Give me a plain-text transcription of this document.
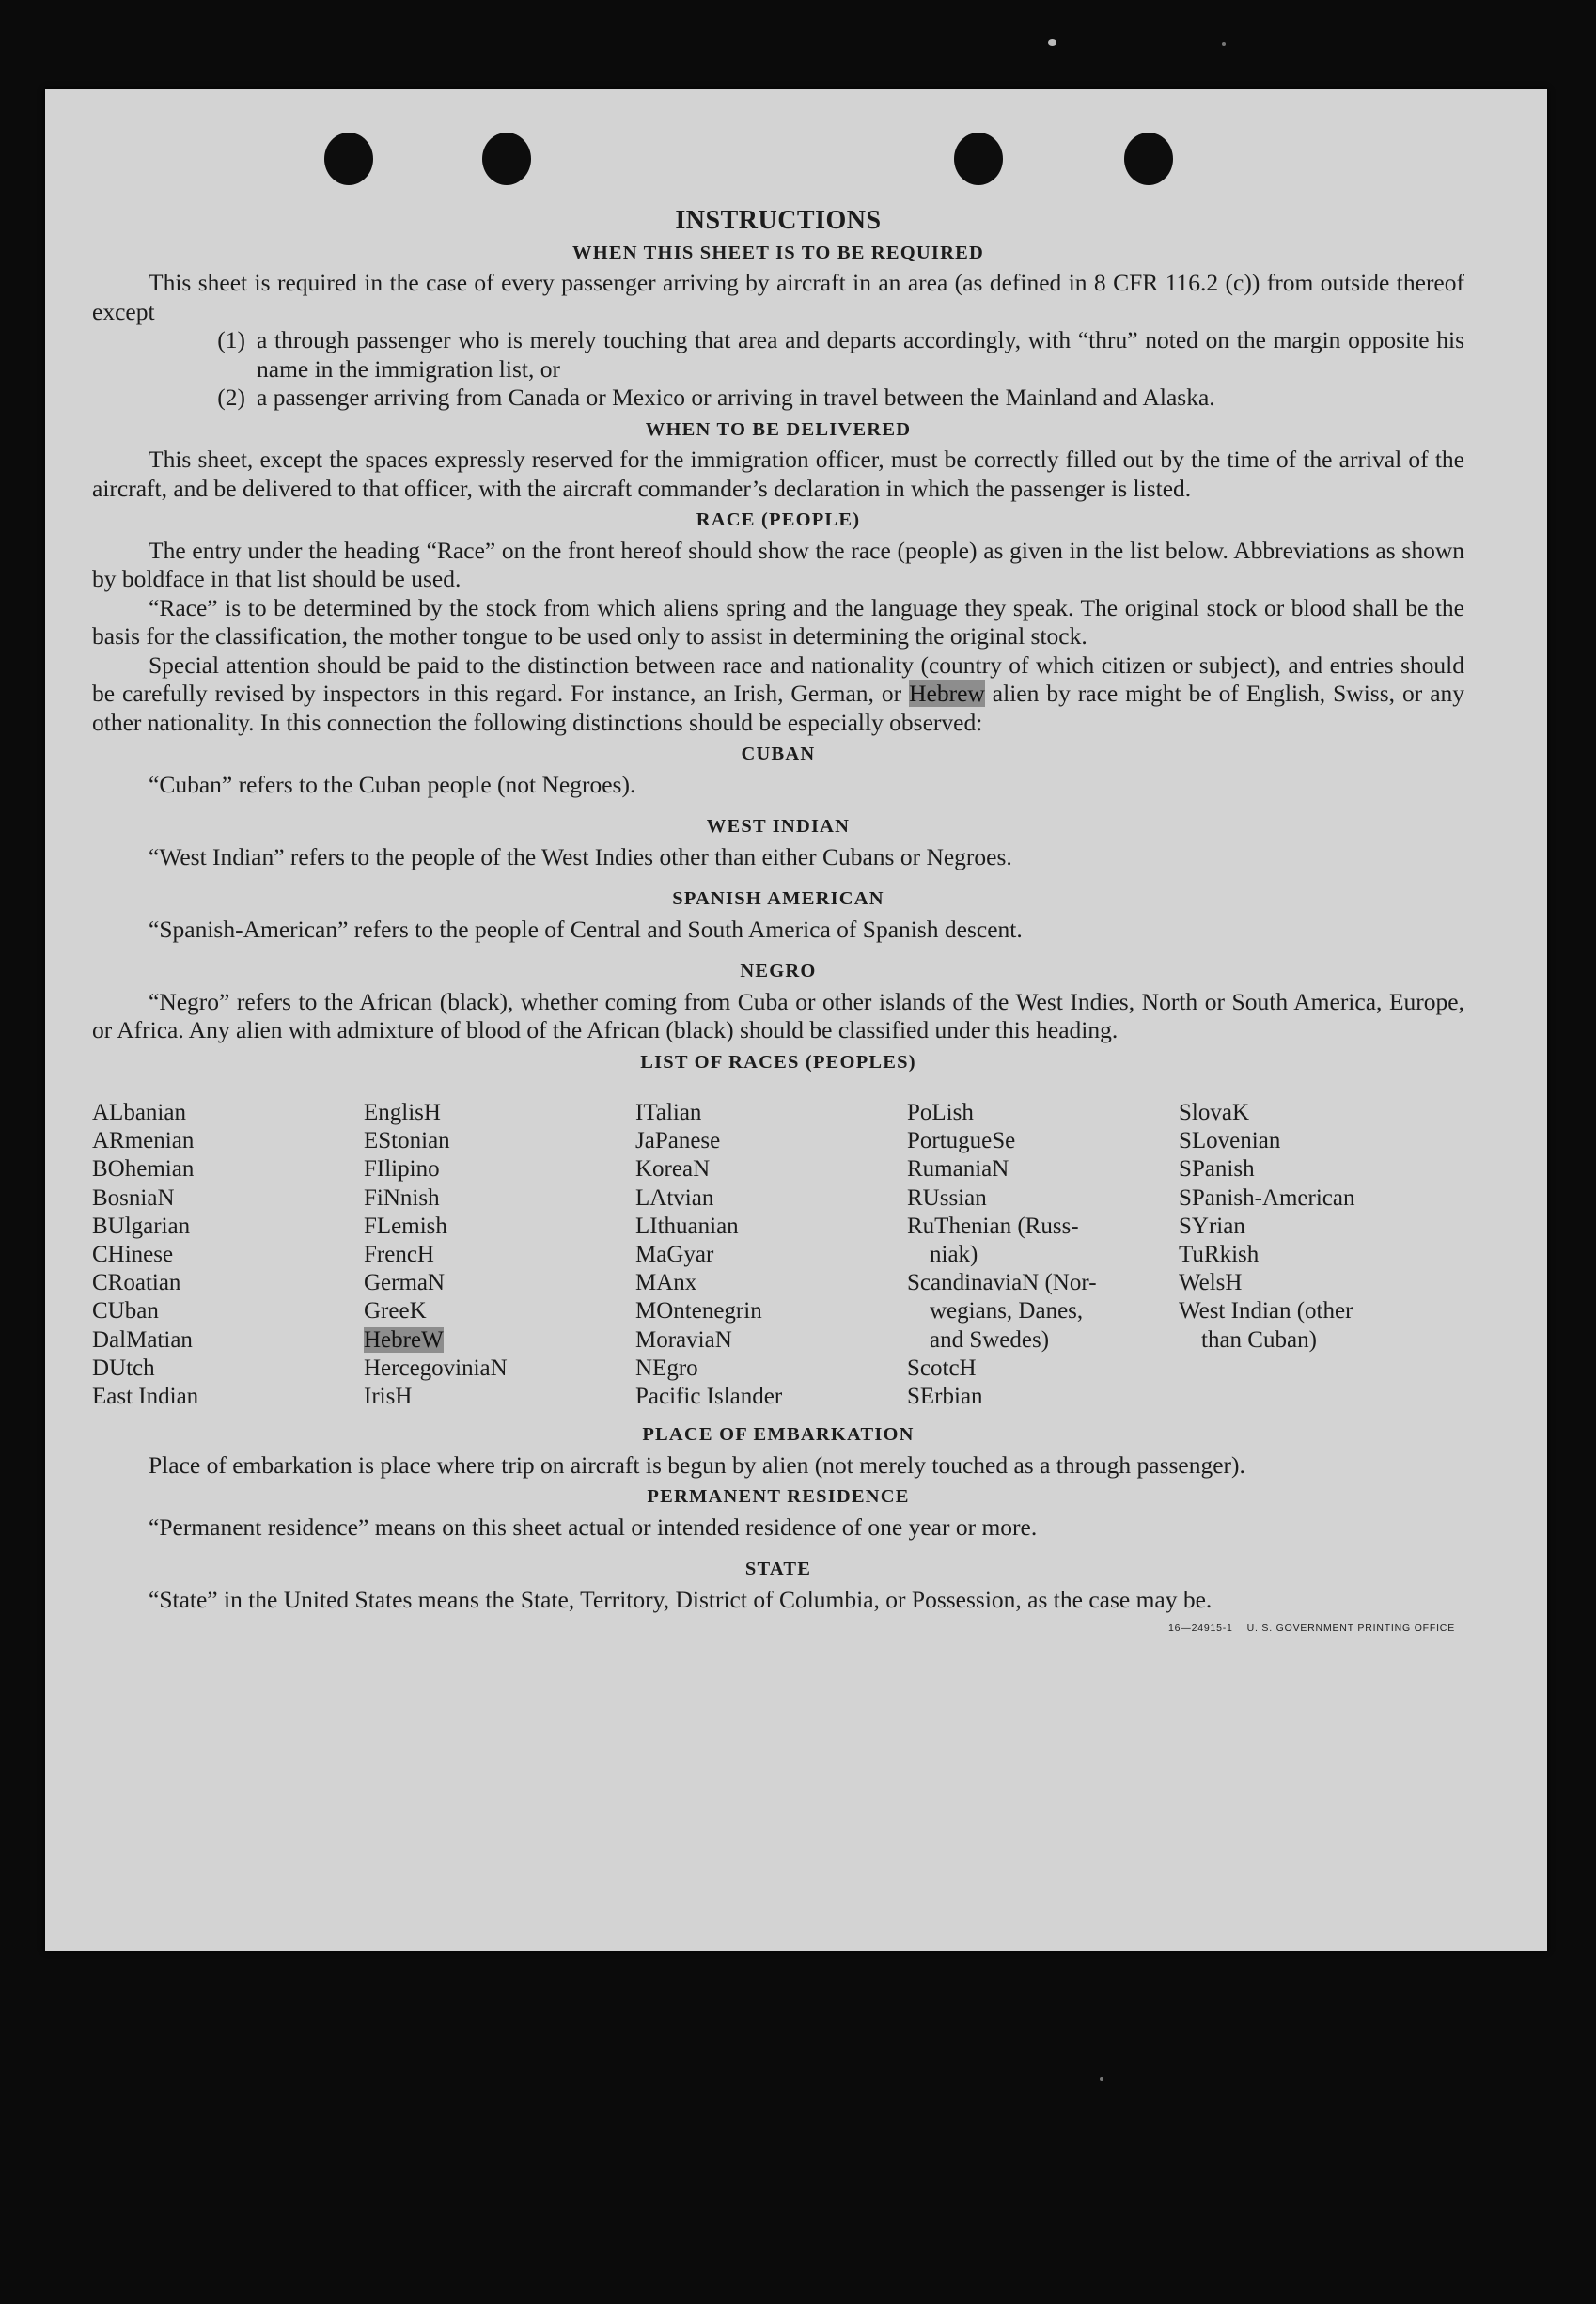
INSTRUCTIONS
WHEN THIS SHEET IS TO BE REQUIRED

This sheet is required in the case of every passenger arriving by aircraft in an area (as defined in 8 CFR 116.2 (c)) from outside thereof except

(1) a through passenger who is merely touching that area and departs accordingly, with “thru” noted on the margin opposite his name in the immigration list, or
(2) a passenger arriving from Canada or Mexico or arriving in travel between the Mainland and Alaska.
WHEN TO BE DELIVERED

This sheet, except the spaces expressly reserved for the immigration officer, must be correctly filled out by the time of the arrival of the aircraft, and be delivered to that officer, with the aircraft commander’s declaration in which the passenger is listed.

RACE (PEOPLE)

The entry under the heading “Race” on the front hereof should show the race (people) as given in the list below. Abbreviations as shown by boldface in that list should be used.

“Race” is to be determined by the stock from which aliens spring and the language they speak. The original stock or blood shall be the basis for the classification, the mother tongue to be used only to assist in determining the original stock.

Special attention should be paid to the distinction between race and nationality (country of which citizen or subject), and entries should be carefully revised by inspectors in this regard. For instance, an Irish, German, or Hebrew alien by race might be of English, Swiss, or any other nationality. In this connection the following distinctions should be especially observed:

CUBAN

“Cuban” refers to the Cuban people (not Negroes).

WEST INDIAN

“West Indian” refers to the people of the West Indies other than either Cubans or Negroes.

SPANISH AMERICAN

“Spanish-American” refers to the people of Central and South America of Spanish descent.

NEGRO

“Negro” refers to the African (black), whether coming from Cuba or other islands of the West Indies, North or South America, Europe, or Africa. Any alien with admixture of blood of the African (black) should be classified under this heading.

LIST OF RACES (PEOPLES)
ALbanian
ARmenian
BOhemian
BosniaN
BUlgarian
CHinese
CRoatian
CUban
DalMatian
DUtch
East Indian
EnglisH
EStonian
FIlipino
FiNnish
FLemish
FrencH
GermaN
GreeK
HebreW
HercegoviniaN
IrisH
ITalian
JaPanese
KoreaN
LAtvian
LIthuanian
MaGyar
MAnx
MOntenegrin
MoraviaN
NEgro
Pacific Islander
PoLish
PortugueSe
RumaniaN
RUssian
RuThenian (Russ-
niak)
ScandinaviaN (Nor-
wegians, Danes,
and Swedes)
ScotcH
SErbian
SlovaK
SLovenian
SPanish
SPanish-American
SYrian
TuRkish
WelsH
West Indian (other
than Cuban)
PLACE OF EMBARKATION

Place of embarkation is place where trip on aircraft is begun by alien (not merely touched as a through passenger).

PERMANENT RESIDENCE

“Permanent residence” means on this sheet actual or intended residence of one year or more.

STATE

“State” in the United States means the State, Territory, District of Columbia, or Possession, as the case may be.

16—24915-1 U. S. GOVERNMENT PRINTING OFFICE
